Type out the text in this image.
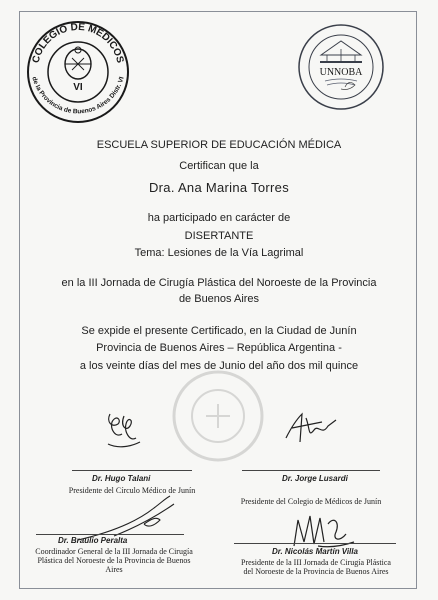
COLEGIO DE MEDICOS
de la Provincia de Buenos Aires Distr. VI
VI
UNNOBA
ESCUELA SUPERIOR DE EDUCACIÓN MÉDICA
Certifican que la
Dra. Ana Marina Torres
ha participado en carácter de
DISERTANTE
Tema: Lesiones de la Vía Lagrimal
en la III Jornada de Cirugía Plástica del Noroeste de la Provincia
de Buenos Aires
Se expide el presente Certificado, en la Ciudad de Junín
Provincia de Buenos Aires – República Argentina -
a los veinte días del mes de Junio del año dos mil quince
Dr. Hugo Talani
Presidente del Círculo Médico de Junín
Dr. Jorge Lusardi
Presidente del Colegio de Médicos de Junín
Dr. Braulio Peralta
Coordinador General de la III Jornada de Cirugía
Plástica del Noroeste de la Provincia de Buenos
Aires
Dr. Nicolás Martín Villa
Presidente de la III Jornada de Cirugía Plástica
del Noroeste de la Provincia de Buenos Aires
